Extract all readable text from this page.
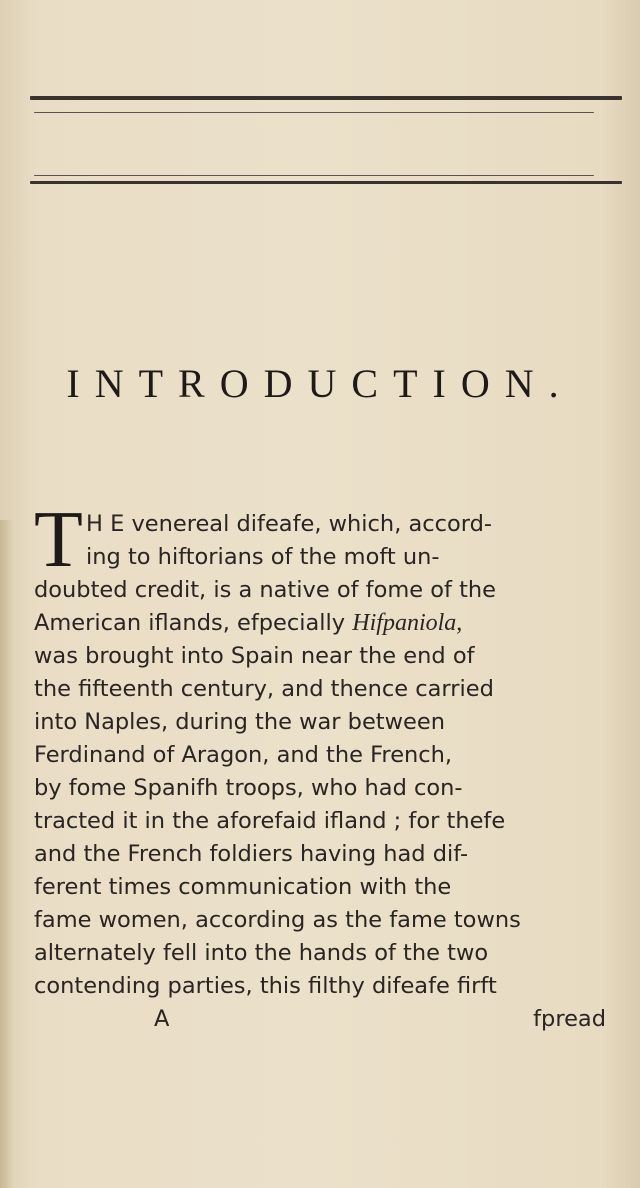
INTRODUCTION.
T H E venereal difeafe, which, accord-
ing to hiftorians of the moft un-
doubted credit, is a native of fome of the
American iflands, efpecially Hifpaniola,
was brought into Spain near the end of
the fifteenth century, and thence carried
into Naples, during the war between
Ferdinand of Aragon, and the French,
by fome Spanifh troops, who had con-
tracted it in the aforefaid ifland ; for thefe
and the French foldiers having had dif-
ferent times communication with the
fame women, according as the fame towns
alternately fell into the hands of the two
contending parties, this filthy difeafe firft
A	fpread
